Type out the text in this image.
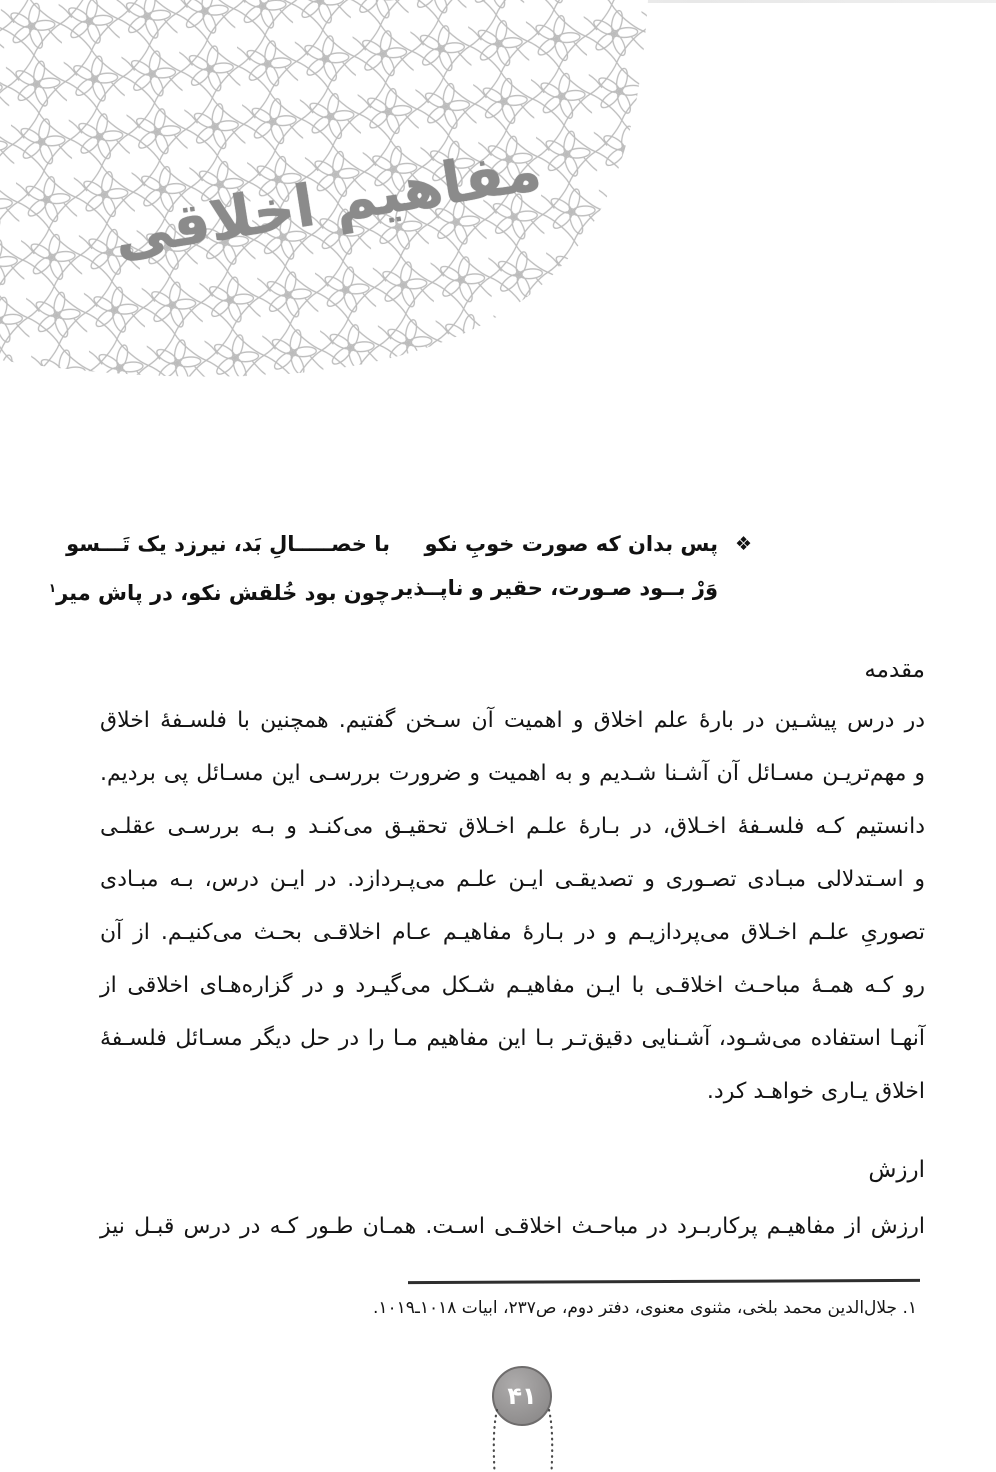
مفاهیم اخلاقی
❖
پس بدان که صورت خوبِ نکو
با خصـــــالِ بَد، نیرزد یک تَـــسو
وَرْ بــود صـورت، حقیر و ناپــذیر
چون بود خُلقش نکو، در پاش میر$^۱$
مقدمه
در درس پیشـین در بارهٔ علم اخلاق و اهمیت آن سـخن گفتیم. همچنین با فلسـفهٔ اخلاق
و مهم‌تریـن مسـائل آن آشـنا شـدیم و به اهمیت و ضرورت بررسـی این مسـائل پی بردیم.
دانستیم کـه فلسـفهٔ اخـلاق، در بـارهٔ علـم اخـلاق تحقیـق می‌کنـد و بـه بررسـی عقلـی
و اسـتدلالی مبـادی تصـوری و تصدیقـی ایـن علـم می‌پـردازد. در ایـن درس، بـه مبـادی
تصوریِ علـم اخـلاق می‌پردازیـم و در بـارهٔ مفاهیـم عـام اخلاقـی بحـث می‌کنیـم. از آن
رو کـه همـهٔ مباحـث اخلاقـی با ایـن مفاهیـم شـکل می‌گیـرد و در گزاره‌هـای اخلاقی از
آنهـا استفاده می‌شـود، آشـنایی دقیق‌تـر بـا این مفاهیم مـا را در حل دیگر مسـائل فلسـفهٔ
اخلاق یـاری خواهـد کرد.
ارزش
ارزش از مفاهیـم پرکاربـرد در مباحـث اخلاقـی اسـت. همـان طـور کـه در درس قبـل نیز
۱. جلال‌الدین محمد بلخی، مثنوی معنوی، دفتر دوم، ص۲۳۷، ابیات ۱۰۱۸ـ۱۰۱۹.
۴۱
